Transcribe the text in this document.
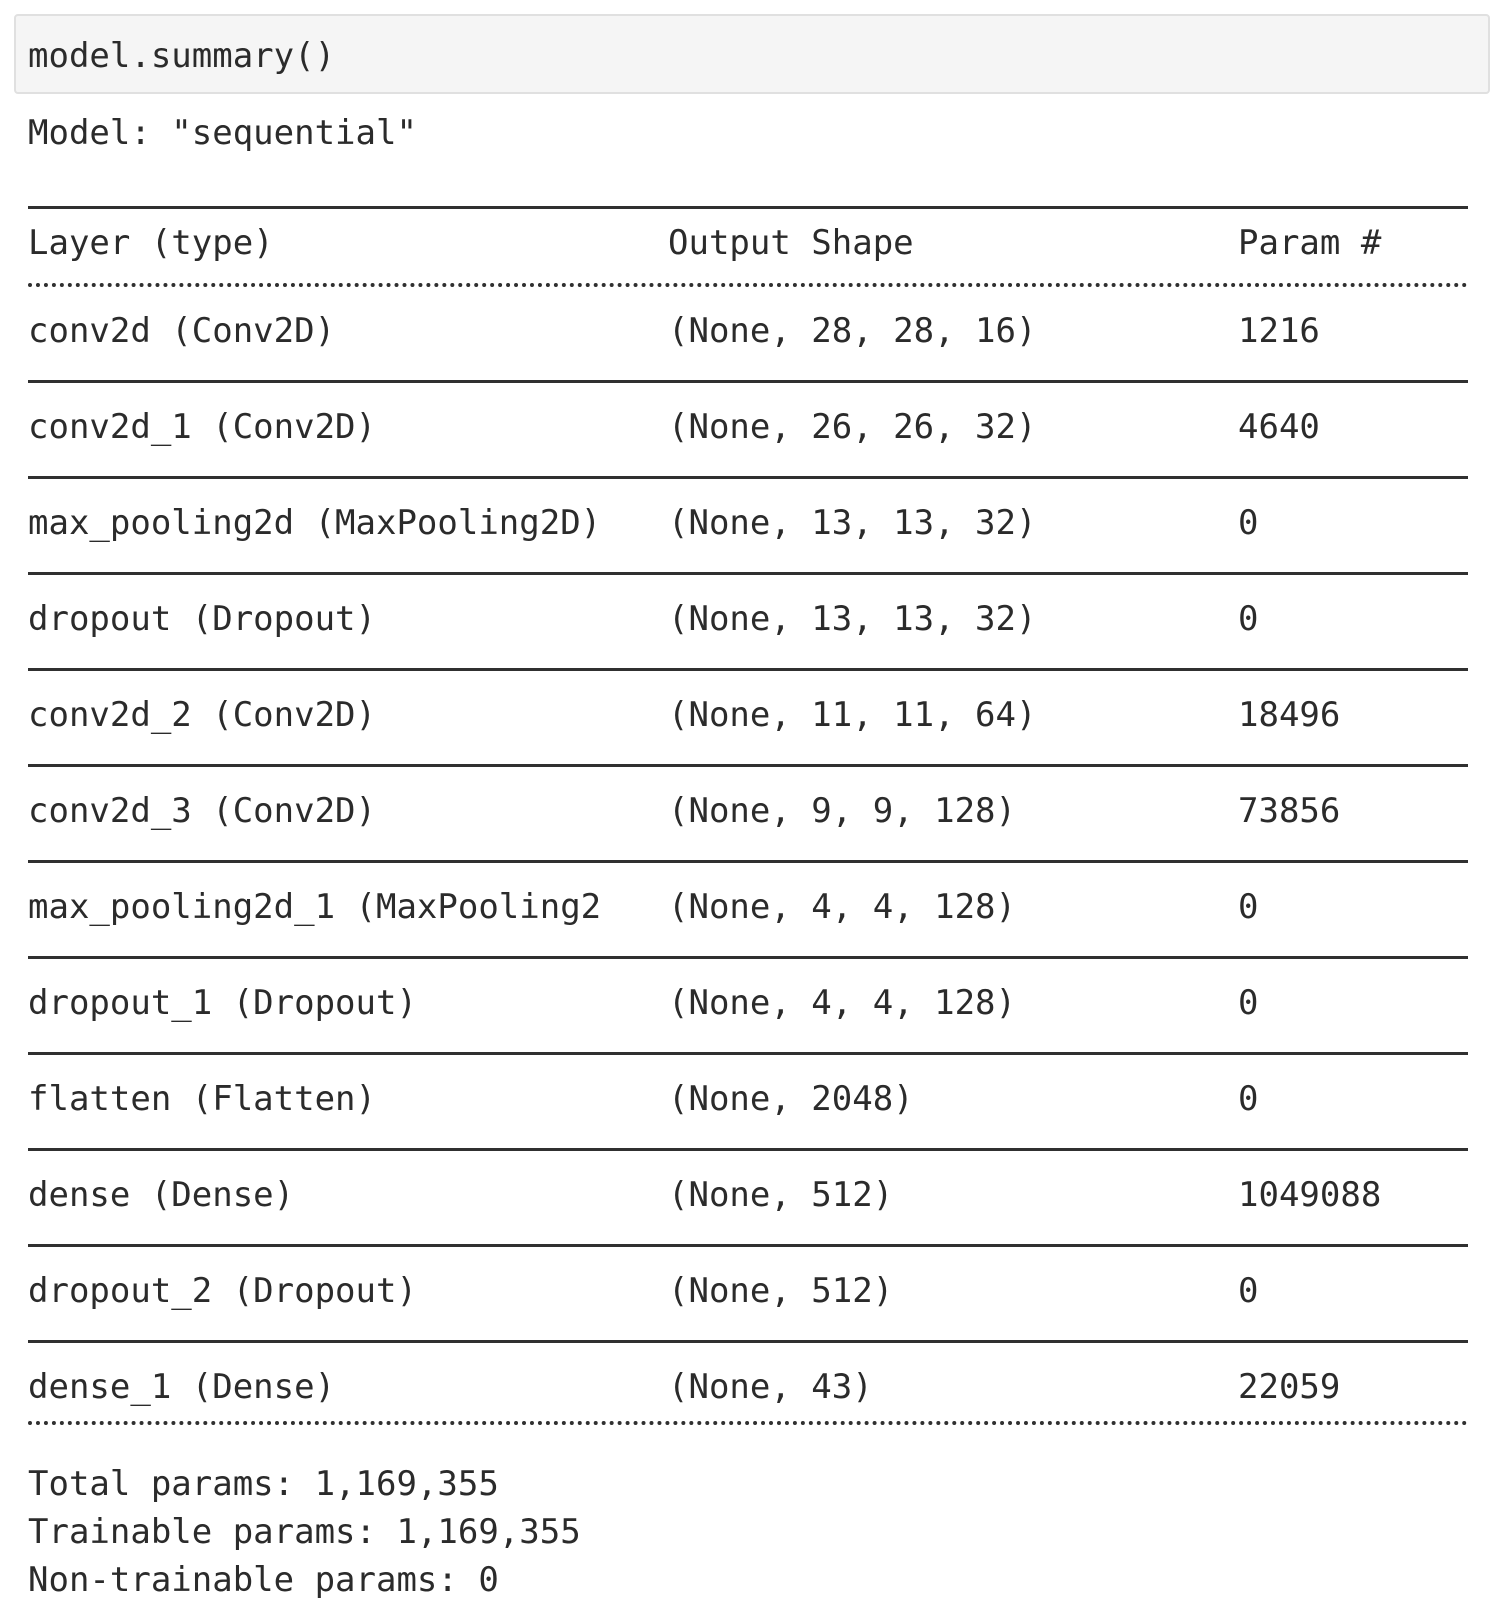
model.summary()
Model: "sequential"
Layer (type)	Output Shape	Param #
conv2d (Conv2D)	(None, 28, 28, 16)	1216
conv2d_1 (Conv2D)	(None, 26, 26, 32)	4640
max_pooling2d (MaxPooling2D)	(None, 13, 13, 32)	0
dropout (Dropout)	(None, 13, 13, 32)	0
conv2d_2 (Conv2D)	(None, 11, 11, 64)	18496
conv2d_3 (Conv2D)	(None, 9, 9, 128)	73856
max_pooling2d_1 (MaxPooling2	(None, 4, 4, 128)	0
dropout_1 (Dropout)	(None, 4, 4, 128)	0
flatten (Flatten)	(None, 2048)	0
dense (Dense)	(None, 512)	1049088
dropout_2 (Dropout)	(None, 512)	0
dense_1 (Dense)	(None, 43)	22059
Total params: 1,169,355
Trainable params: 1,169,355
Non-trainable params: 0
